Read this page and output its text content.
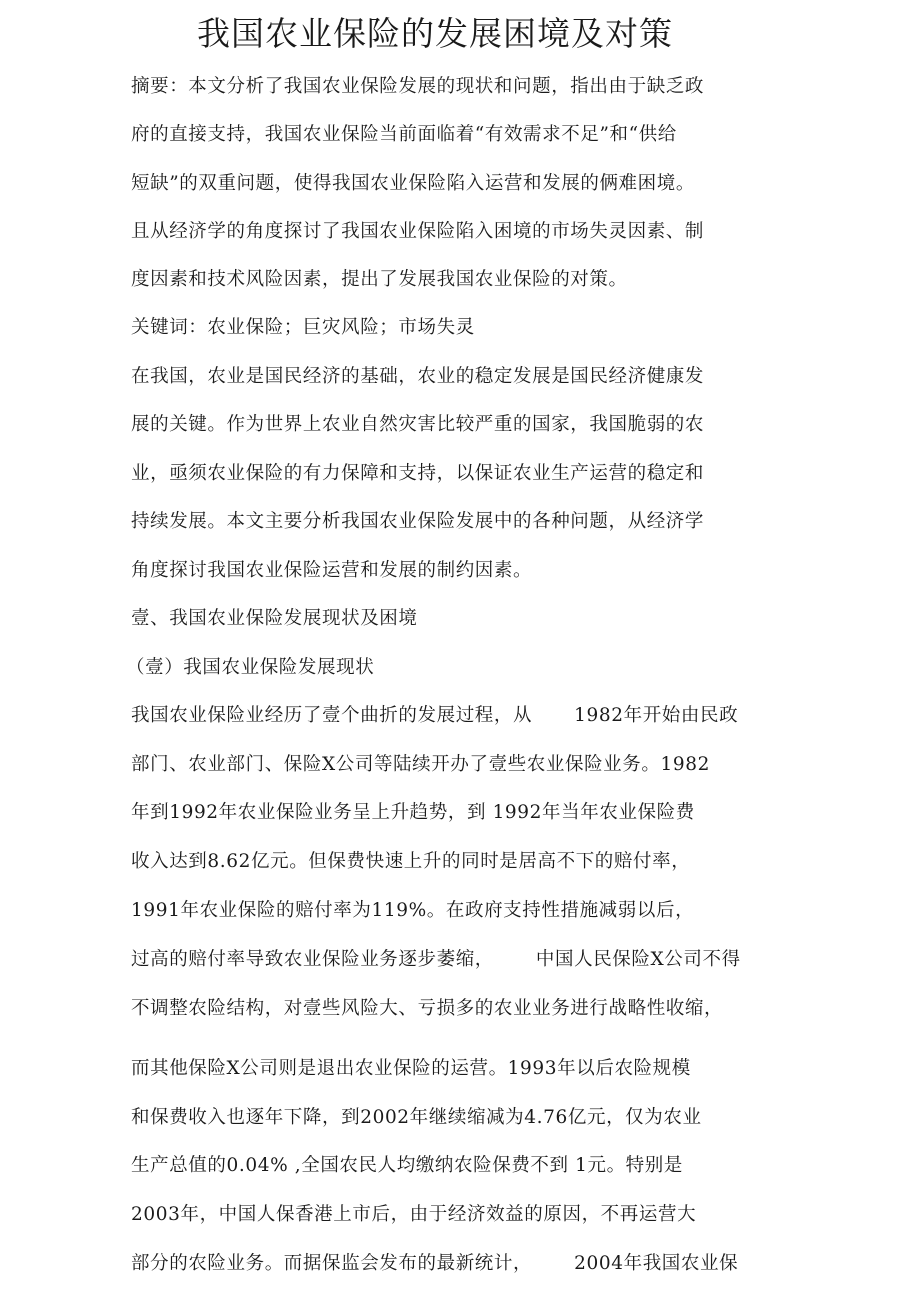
我国农业保险的发展困境及对策
摘要：本文分析了我国农业保险发展的现状和问题，指出由于缺乏政
府的直接支持，我国农业保险当前面临着“有效需求不足”和“供给
短缺”的双重问题，使得我国农业保险陷入运营和发展的俩难困境。
且从经济学的角度探讨了我国农业保险陷入困境的市场失灵因素、制
度因素和技术风险因素，提出了发展我国农业保险的对策。
关键词：农业保险；巨灾风险；市场失灵
在我国，农业是国民经济的基础，农业的稳定发展是国民经济健康发
展的关键。作为世界上农业自然灾害比较严重的国家，我国脆弱的农
业，亟须农业保险的有力保障和支持，以保证农业生产运营的稳定和
持续发展。本文主要分析我国农业保险发展中的各种问题，从经济学
角度探讨我国农业保险运营和发展的制约因素。
壹、我国农业保险发展现状及困境
（壹）我国农业保险发展现状
我国农业保险业经历了壹个曲折的发展过程，从 1982年开始由民政
部门、农业部门、保险X公司等陆续开办了壹些农业保险业务。1982
年到1992年农业保险业务呈上升趋势，到 1992年当年农业保险费
收入达到8.62亿元。但保费快速上升的同时是居高不下的赔付率，
1991年农业保险的赔付率为119%。在政府支持性措施减弱以后，
过高的赔付率导致农业保险业务逐步萎缩， 中国人民保险X公司不得
不调整农险结构，对壹些风险大、亏损多的农业业务进行战略性收缩，
而其他保险X公司则是退出农业保险的运营。1993年以后农险规模
和保费收入也逐年下降，到2002年继续缩减为4.76亿元，仅为农业
生产总值的0.04% ,全国农民人均缴纳农险保费不到 1元。特别是
2003年，中国人保香港上市后，由于经济效益的原因，不再运营大
部分的农险业务。而据保监会发布的最新统计， 2004年我国农业保
